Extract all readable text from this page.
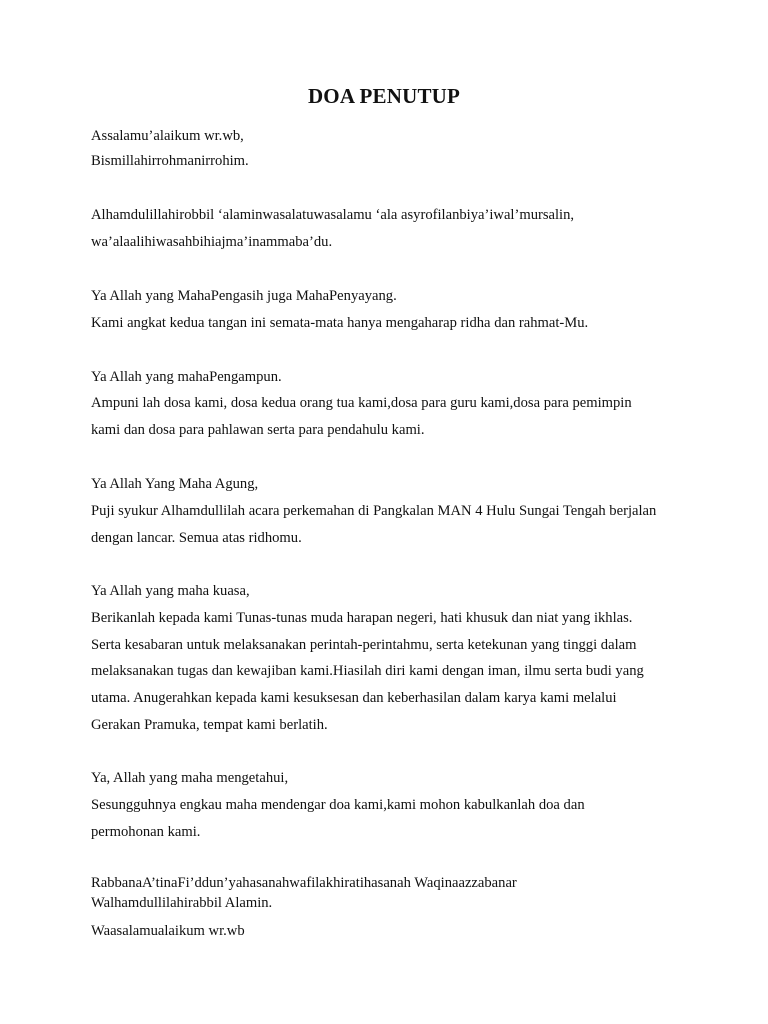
DOA PENUTUP
Assalamu’alaikum wr.wb,
Bismillahirrohmanirrohim.
Alhamdulillahirobbil ‘alaminwasalatuwasalamu ‘ala asyrofilanbiya’iwal’mursalin,
wa’alaalihiwasahbihiajma’inammaba’du.
Ya Allah yang MahaPengasih juga MahaPenyayang.
Kami angkat kedua tangan ini semata-mata hanya mengaharap ridha dan rahmat-Mu.
Ya Allah yang mahaPengampun.
Ampuni lah dosa kami, dosa kedua orang tua kami,dosa para guru kami,dosa para pemimpin
kami dan dosa para pahlawan serta para pendahulu kami.
Ya Allah Yang Maha Agung,
Puji syukur Alhamdullilah acara perkemahan di Pangkalan MAN 4 Hulu Sungai Tengah berjalan
dengan lancar. Semua atas ridhomu.
Ya Allah yang maha kuasa,
Berikanlah kepada kami Tunas-tunas muda harapan negeri, hati khusuk dan niat yang ikhlas.
Serta kesabaran untuk melaksanakan perintah-perintahmu, serta ketekunan yang tinggi dalam
melaksanakan tugas dan kewajiban kami.Hiasilah diri kami dengan iman, ilmu serta budi yang
utama. Anugerahkan kepada kami kesuksesan dan keberhasilan dalam karya kami melalui
Gerakan Pramuka, tempat kami berlatih.
Ya, Allah yang maha mengetahui,
Sesungguhnya engkau maha mendengar doa kami,kami mohon kabulkanlah doa dan
permohonan kami.
RabbanaA’tinaFi’ddun’yahasanahwafilakhiratihasanah Waqinaazzabanar
Walhamdullilahirabbil Alamin.
Waasalamualaikum wr.wb
